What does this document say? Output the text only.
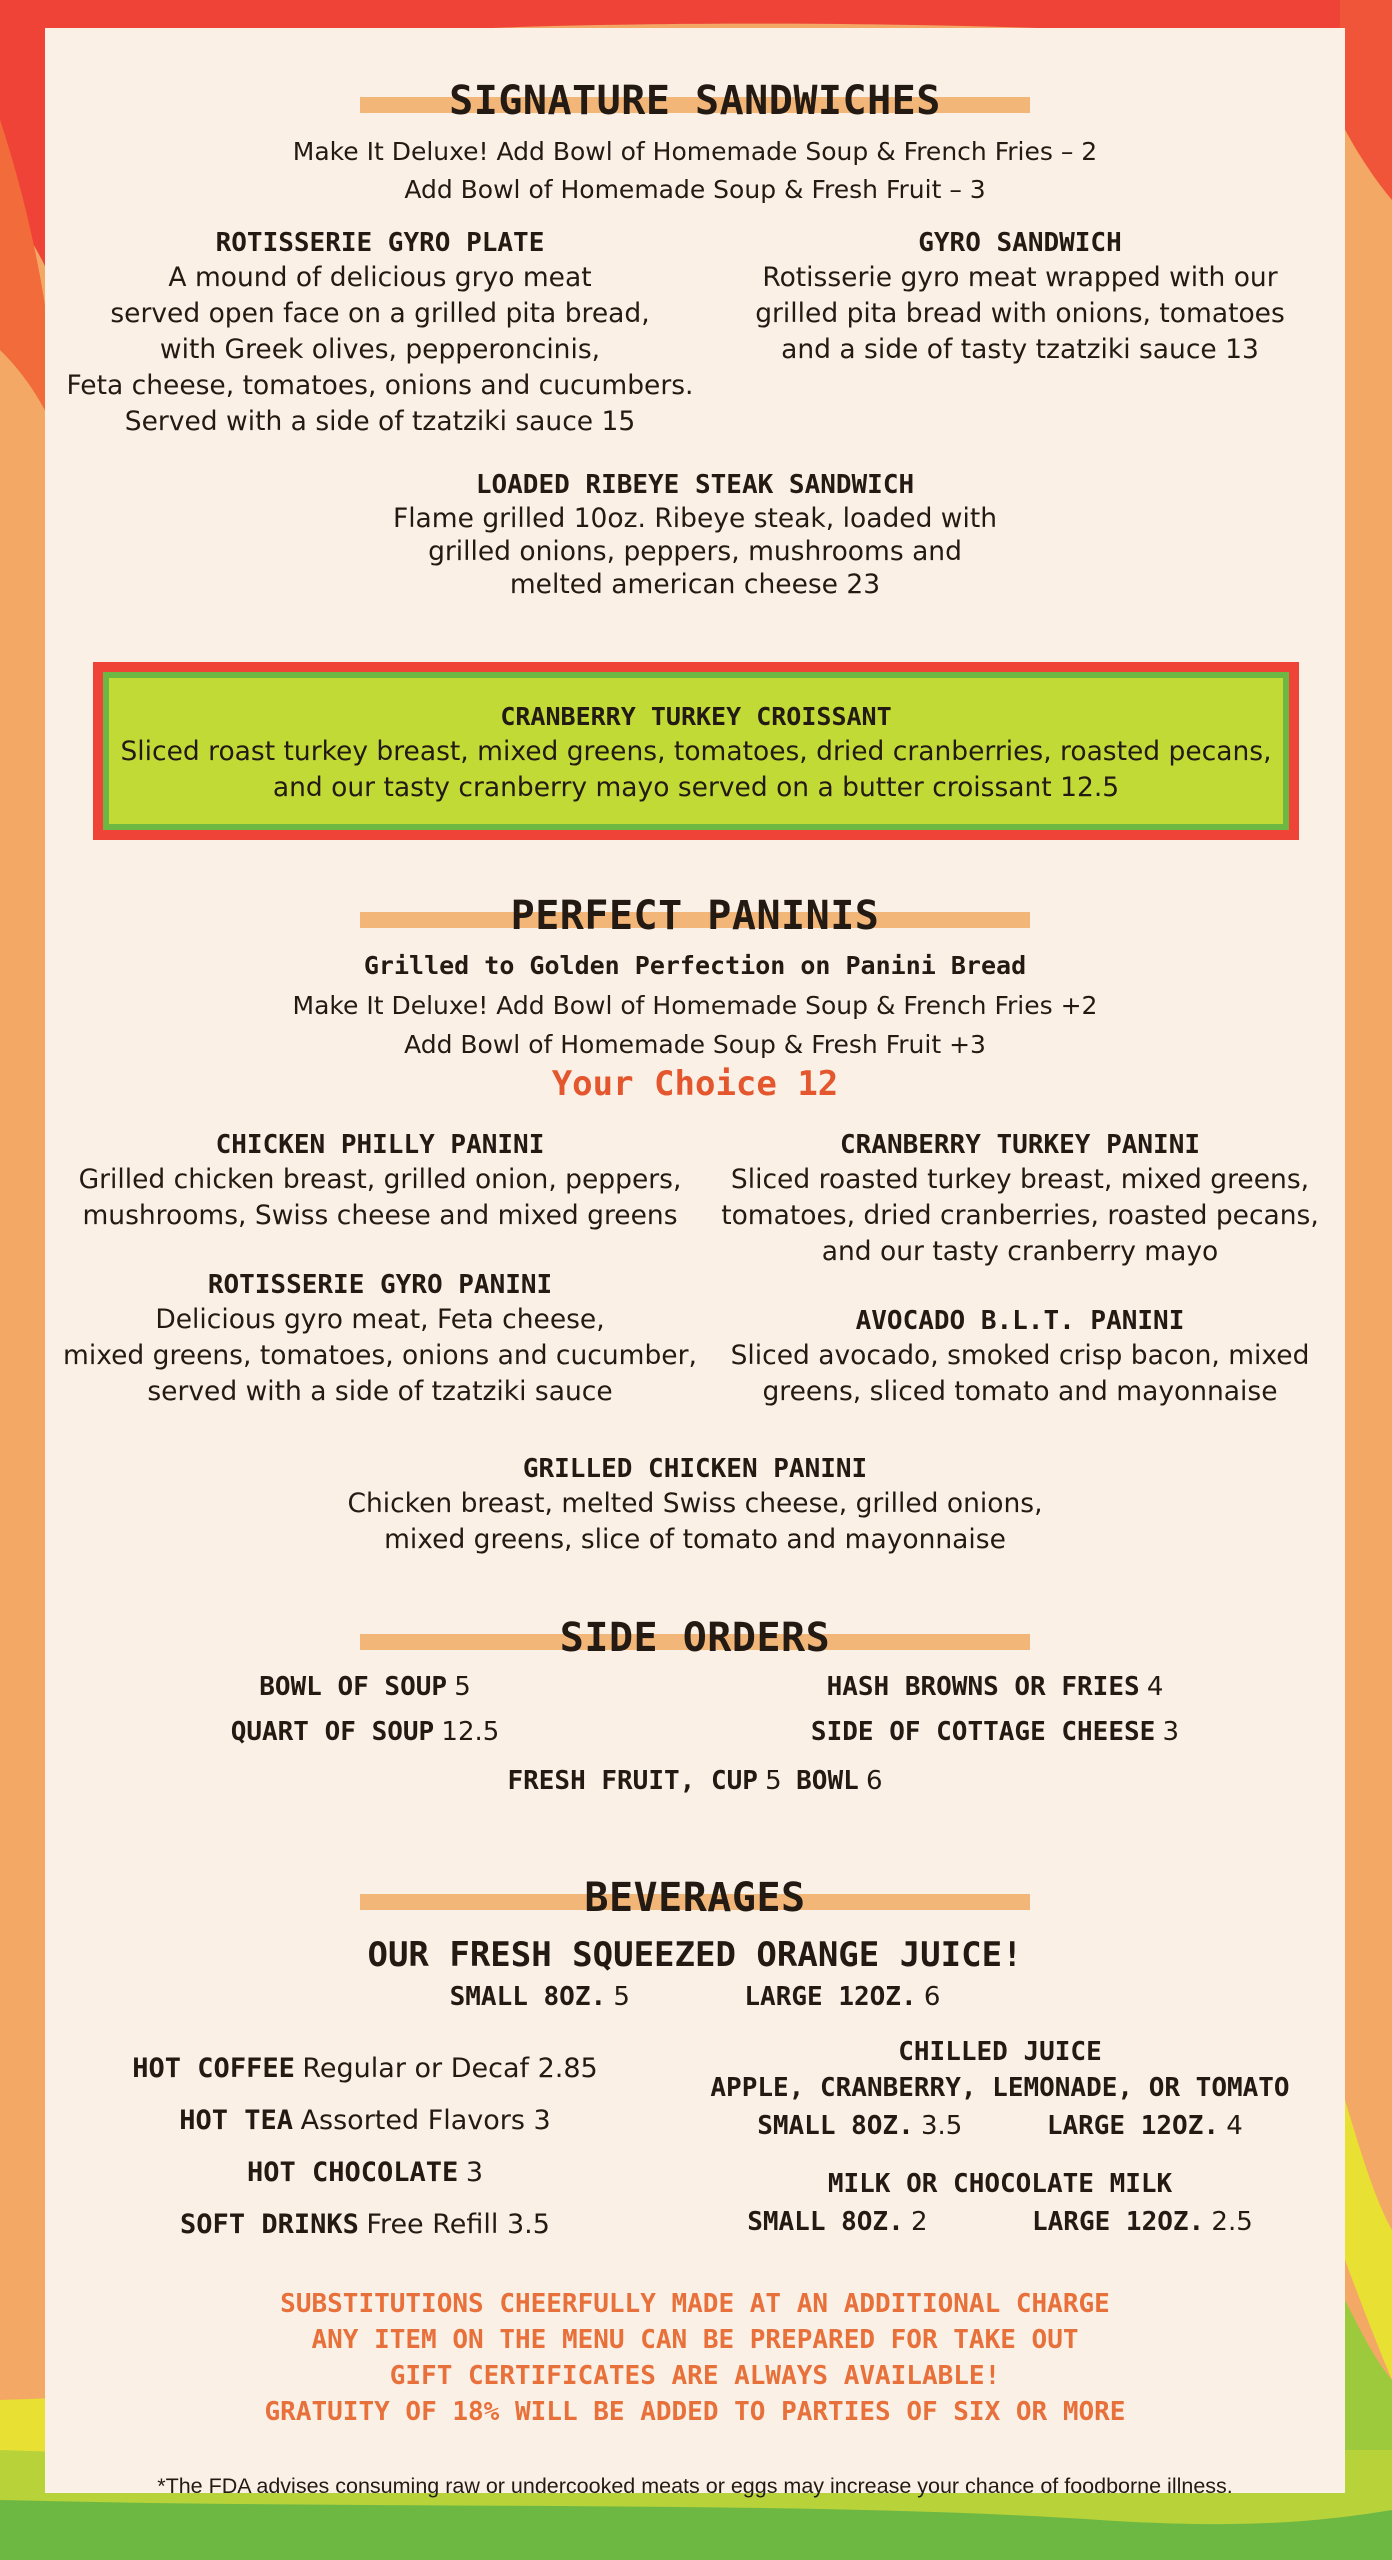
SIGNATURE SANDWICHES
Make It Deluxe! Add Bowl of Homemade Soup & French Fries – 2
Add Bowl of Homemade Soup & Fresh Fruit – 3
ROTISSERIE GYRO PLATE
A mound of delicious gryo meat
served open face on a grilled pita bread,
with Greek olives, pepperoncinis,
Feta cheese, tomatoes, onions and cucumbers.
Served with a side of tzatziki sauce 15
GYRO SANDWICH
Rotisserie gyro meat wrapped with our
grilled pita bread with onions, tomatoes
and a side of tasty tzatziki sauce 13
LOADED RIBEYE STEAK SANDWICH
Flame grilled 10oz. Ribeye steak, loaded with
grilled onions, peppers, mushrooms and
melted american cheese 23
CRANBERRY TURKEY CROISSANT
Sliced roast turkey breast, mixed greens, tomatoes, dried cranberries, roasted pecans,
and our tasty cranberry mayo served on a butter croissant 12.5
PERFECT PANINIS
Grilled to Golden Perfection on Panini Bread
Make It Deluxe! Add Bowl of Homemade Soup & French Fries +2
Add Bowl of Homemade Soup & Fresh Fruit +3
Your Choice 12
CHICKEN PHILLY PANINI
Grilled chicken breast, grilled onion, peppers,
mushrooms, Swiss cheese and mixed greens
CRANBERRY TURKEY PANINI
Sliced roasted turkey breast, mixed greens,
tomatoes, dried cranberries, roasted pecans,
and our tasty cranberry mayo
ROTISSERIE GYRO PANINI
Delicious gyro meat, Feta cheese,
mixed greens, tomatoes, onions and cucumber,
served with a side of tzatziki sauce
AVOCADO B.L.T. PANINI
Sliced avocado, smoked crisp bacon, mixed
greens, sliced tomato and mayonnaise
GRILLED CHICKEN PANINI
Chicken breast, melted Swiss cheese, grilled onions,
mixed greens, slice of tomato and mayonnaise
SIDE ORDERS
BOWL OF SOUP 5	HASH BROWNS OR FRIES 4
QUART OF SOUP 12.5	SIDE OF COTTAGE CHEESE 3
FRESH FRUIT, CUP 5 BOWL 6
BEVERAGES
OUR FRESH SQUEEZED ORANGE JUICE!
SMALL 8OZ. 5	LARGE 12OZ. 6
HOT COFFEE Regular or Decaf 2.85
HOT TEA Assorted Flavors 3
HOT CHOCOLATE 3
SOFT DRINKS Free Refill 3.5
CHILLED JUICE
APPLE, CRANBERRY, LEMONADE, OR TOMATO
SMALL 8OZ. 3.5	LARGE 12OZ. 4
MILK OR CHOCOLATE MILK
SMALL 8OZ. 2	LARGE 12OZ. 2.5
SUBSTITUTIONS CHEERFULLY MADE AT AN ADDITIONAL CHARGE
ANY ITEM ON THE MENU CAN BE PREPARED FOR TAKE OUT
GIFT CERTIFICATES ARE ALWAYS AVAILABLE!
GRATUITY OF 18% WILL BE ADDED TO PARTIES OF SIX OR MORE
*The FDA advises consuming raw or undercooked meats or eggs may increase your chance of foodborne illness.
